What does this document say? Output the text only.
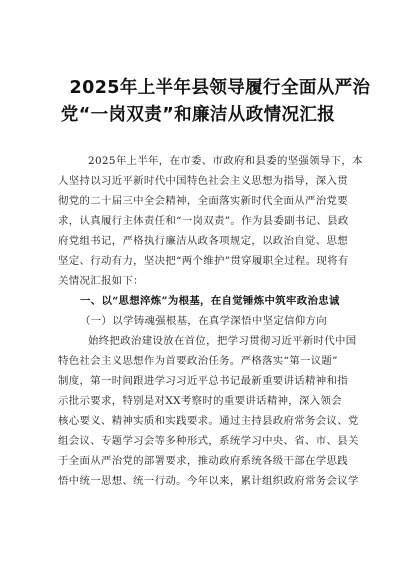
2025年上半年县领导履行全面从严治
党“一岗双责”和廉洁从政情况汇报
2025年上半年，在市委、市政府和县委的坚强领导下，本
人坚持以习近平新时代中国特色社会主义思想为指导，深入贯
彻党的二十届三中全会精神，全面落实新时代全面从严治党要
求，认真履行主体责任和“一岗双责”。作为县委副书记、县政
府党组书记，严格执行廉洁从政各项规定，以政治自觉、思想
坚定、行动有力，坚决把“两个维护”贯穿履职全过程。现将有
关情况汇报如下：
一、以“思想淬炼”为根基，在自觉锤炼中筑牢政治忠诚
（一）以学铸魂强根基，在真学深悟中坚定信仰方向
始终把政治建设放在首位，把学习贯彻习近平新时代中国
特色社会主义思想作为首要政治任务。严格落实“第一议题”
制度，第一时间跟进学习习近平总书记最新重要讲话精神和指
示批示要求，特别是对XX考察时的重要讲话精神，深入领会
核心要义、精神实质和实践要求。通过主持县政府常务会议、党
组会议、专题学习会等多种形式，系统学习中央、省、市、县关
于全面从严治党的部署要求，推动政府系统各级干部在学思践
悟中统一思想、统一行动。今年以来，累计组织政府常务会议学
